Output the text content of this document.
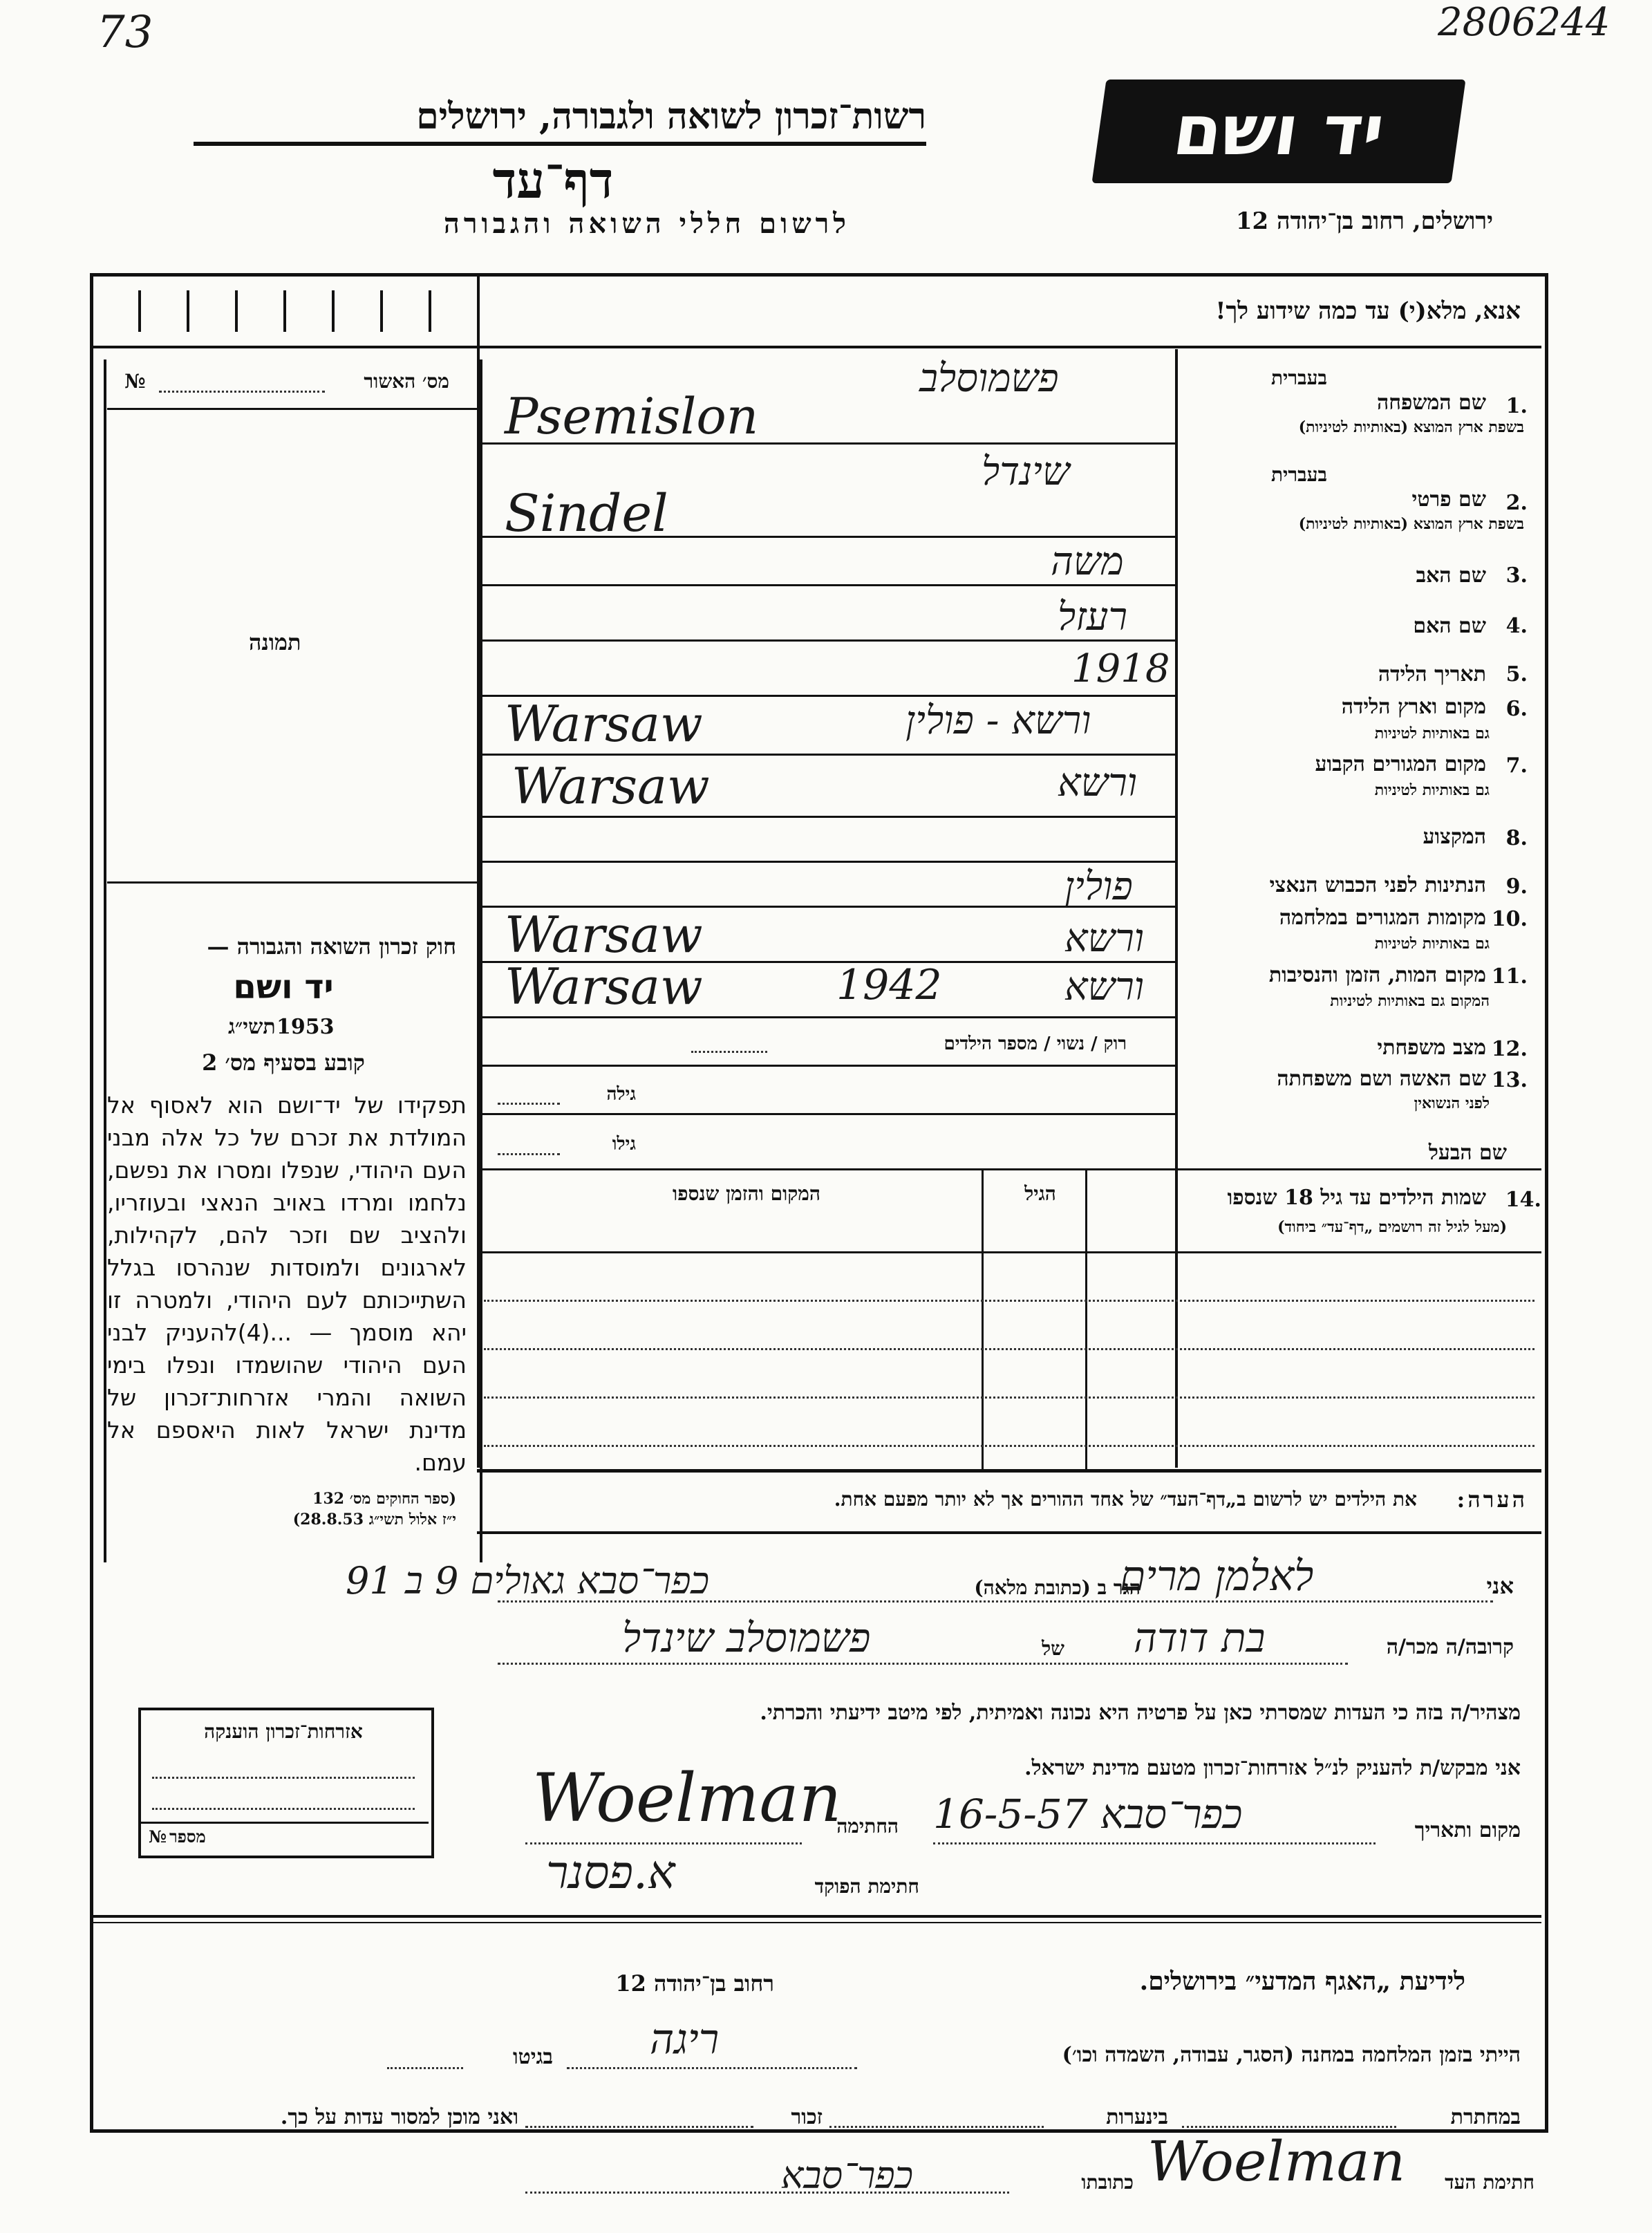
73	2806244
רשות־זכרון לשואה ולגבורה, ירושלים
דף־עד
לרשום חללי השואה והגבורה
יד ושם
ירושלים, רחוב בן־יהודה 12
אנא, מלא(י) עד כמה שידוע לך!
מס׳ האשור
№
תמונה
חוק זכרון השואה והגבורה —
יד ושם
תשי״ג 1953
קובע בסעיף מס׳ 2
תפקידו של יד־ושם הוא לאסוף אל המולדת את זכרם של כל אלה מבני העם היהודי, שנפלו ומסרו את נפשם, נלחמו ומרדו באויב הנאצי ובעוזריו, ולהציב שם וזכר להם, לקהילות, לארגונים ולמוסדות שנהרסו בגלל השתייכותם לעם היהודי, ולמטרה זו יהא מוסמך — ...(4)להעניק לבני העם היהודי שהושמדו ונפלו בימי השואה והמרי אזרחות־זכרון של מדינת ישראל לאות היאספם אל עמם.
(ספר החוקים מס׳ 132
י״ז אלול תשי״ג 28.8.53)
פשמוסלב
Psemislon
שינדל
Sindel
משה
רעזל
1918
ורשא - פולין
Warsaw
ורשא
Warsaw
פולין
ורשא
Warsaw
ורשא
1942
Warsaw
רוק / נשוי / מספר הילדים
גילה
גילו
בעברית
1.
שם המשפחה
בשפת ארץ המוצא (באותיות לטיניות)
בעברית
2.
שם פרטי
בשפת ארץ המוצא (באותיות לטיניות)
3.
שם האב
4.
שם האם
5.
תאריך הלידה
6.
מקום וארץ הלידה
גם באותיות לטיניות
7.
מקום המגורים הקבוע
גם באותיות לטיניות
8.
המקצוע
9.
הנתינות לפני הכבוש הנאצי
10.
מקומות המגורים במלחמה
גם באותיות לטיניות
11.
מקום המות, הזמן והנסיבות
המקום גם באותיות לטיניות
12.
מצב משפחתי
13.
שם האשה ושם משפחתה
לפני הנשואין
שם הבעל
14.
שמות הילדים עד גיל 18 שנספו
(מעל לגיל זה רושמים „דף־עד״ ביחוד)
הגיל
המקום והזמן שנספו
הערה:
את הילדים יש לרשום ב„דף־העד״ של אחד ההורים אך לא יותר מפעם אחת.
אני
לאלמן מרים
הגר ב (כתובת מלאה)
כפר־סבא גאולים 9 ב 91
קרובה/ה מכר/ה
בת דודה
של
פשמוסלב שינדל
מצהיר/ה בזה כי העדות שמסרתי כאן על פרטיה היא נכונה ואמיתית, לפי מיטב ידיעתי והכרתי.
אני מבקש/ת להעניק לנ״ל אזרחות־זכרון מטעם מדינת ישראל.
מקום ותאריך
כפר־סבא 16-5-57
החתימה
Woelman
חתימת הפוקד
א.פסנר
אזרחות־זכרון הוענקה
מספר
№
לידיעת „האגף המדעי״ בירושלים.
רחוב בן־יהודה 12
הייתי בזמן המלחמה במחנה (הסגר, עבודה, השמדה וכו׳)
ריגה
בגיטו
במחתרת
בינערות
זכור
ואני מוכן למסור עדות על כך.
חתימת העד
Woelman
כתובתו
כפר־סבא
